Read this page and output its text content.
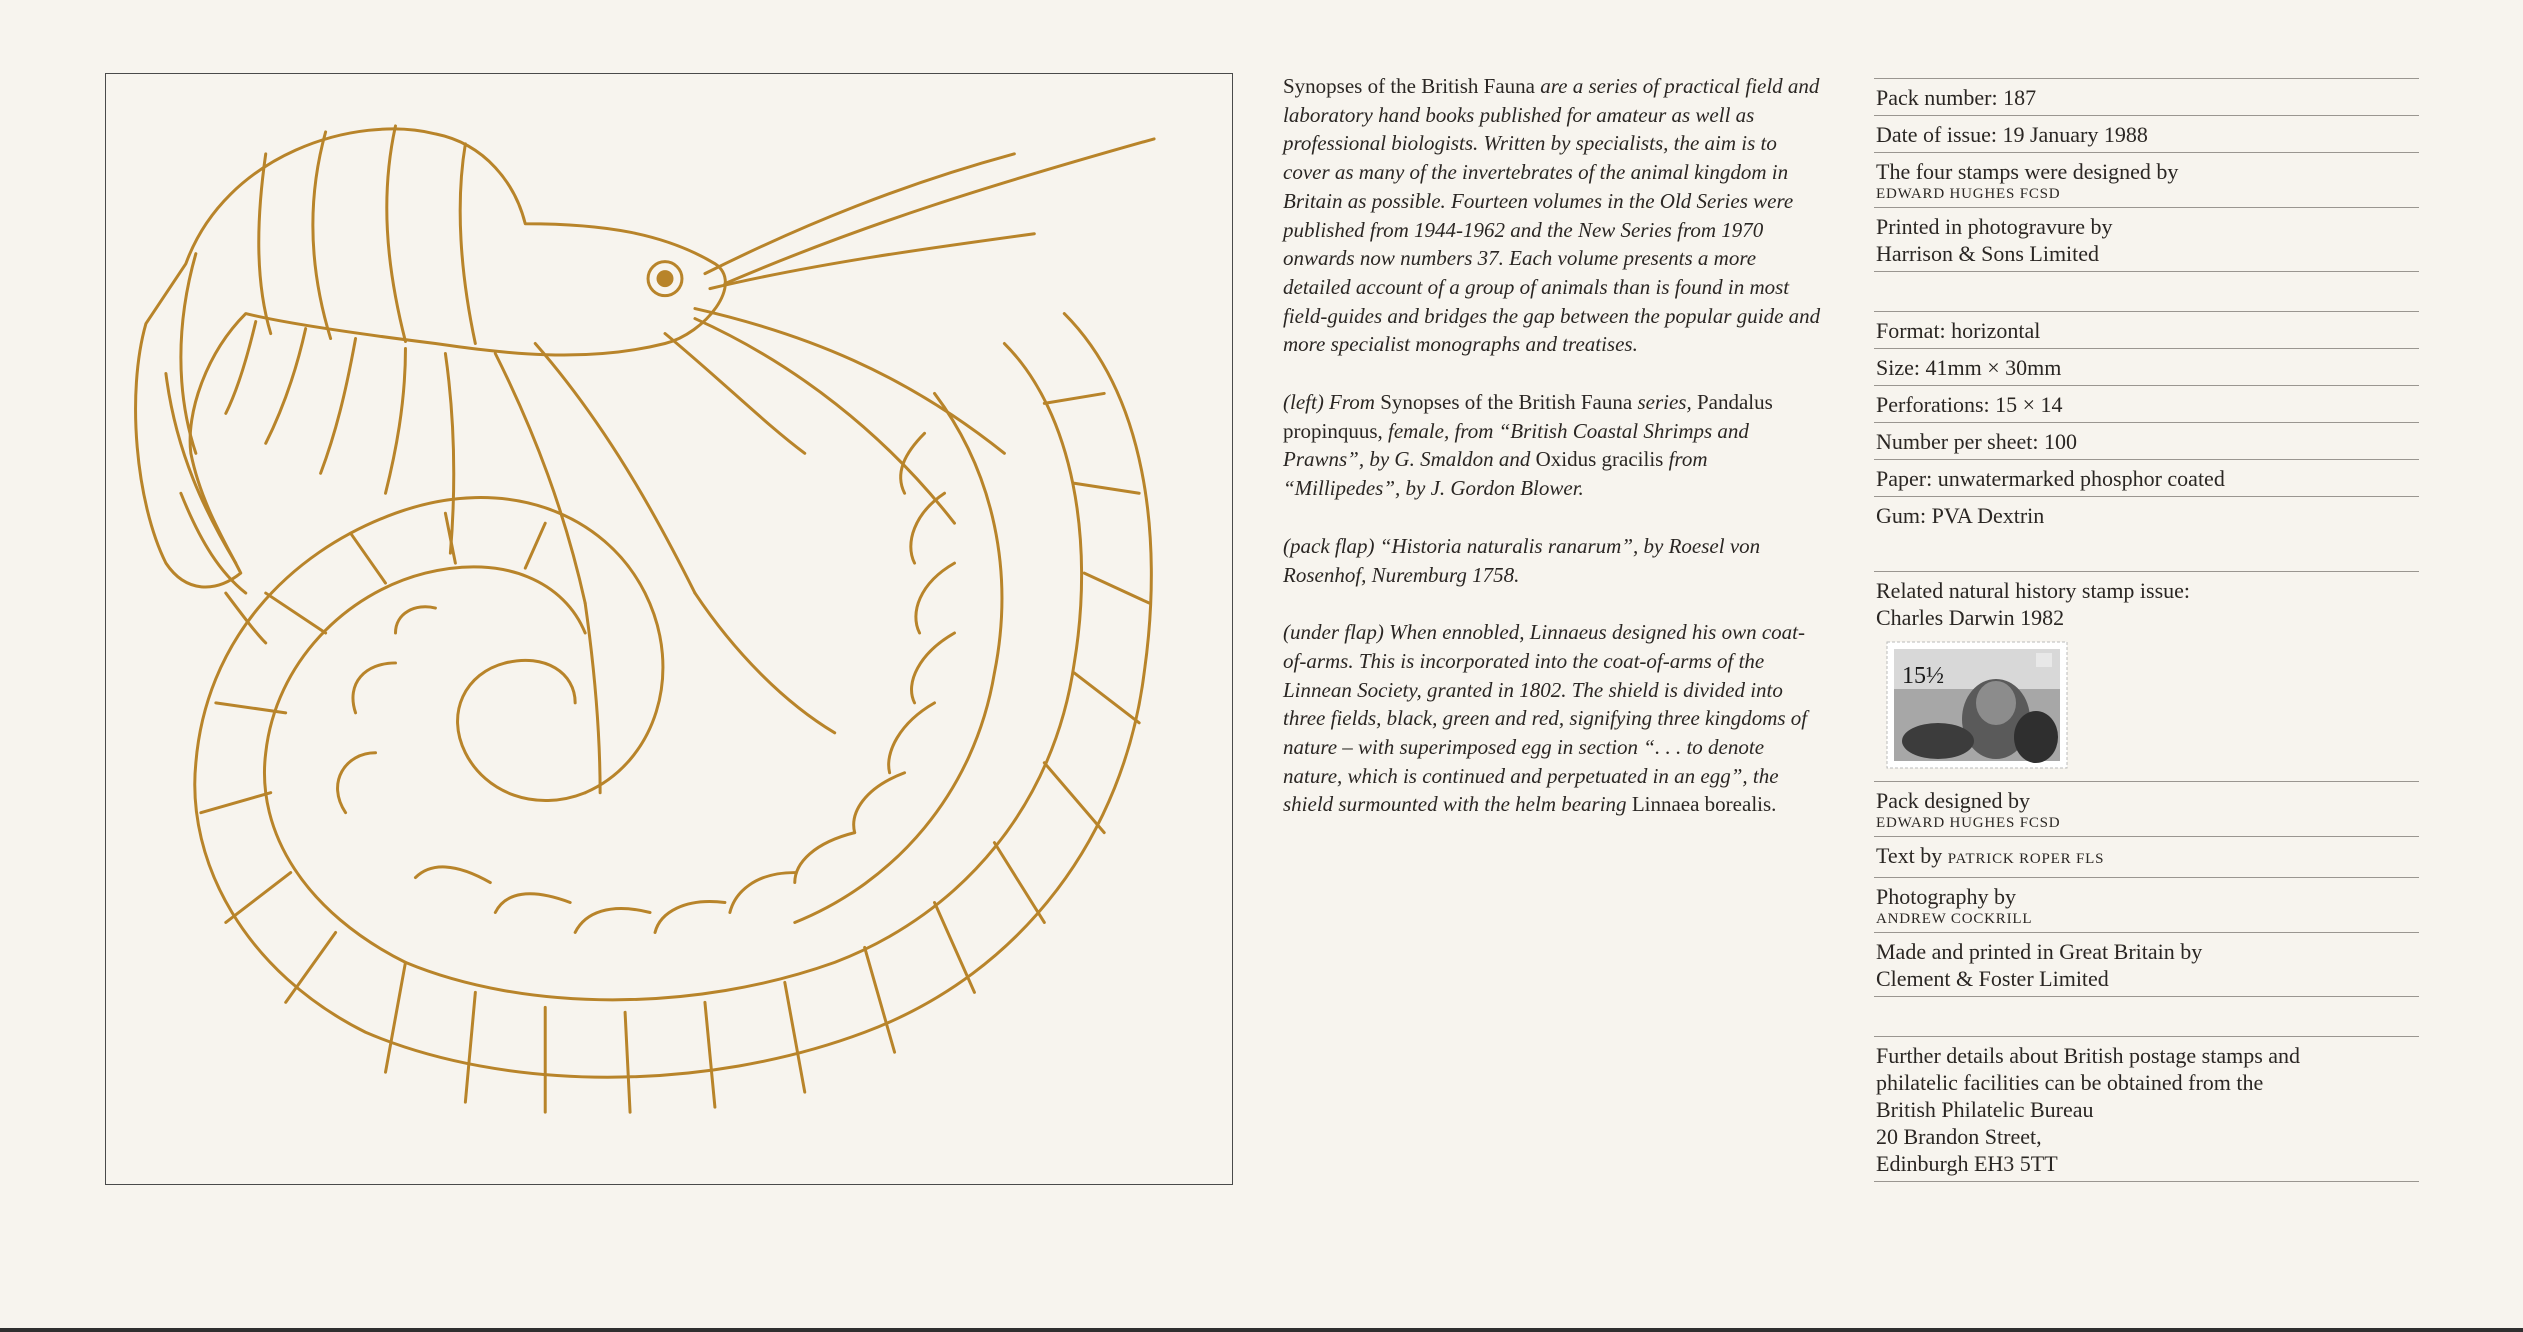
Synopses of the British Fauna are a series of practical field and laboratory hand books published for amateur as well as professional biologists. Written by specialists, the aim is to cover as many of the invertebrates of the animal kingdom in Britain as possible. Fourteen volumes in the Old Series were published from 1944-1962 and the New Series from 1970 onwards now numbers 37. Each volume presents a more detailed account of a group of animals than is found in most field-guides and bridges the gap between the popular guide and more specialist monographs and treatises.

(left) From Synopses of the British Fauna series, Pandalus propinquus, female, from “British Coastal Shrimps and Prawns”, by G. Smaldon and Oxidus gracilis from “Millipedes”, by J. Gordon Blower.

(pack flap) “Historia naturalis ranarum”, by Roesel von Rosenhof, Nuremburg 1758.

(under flap) When ennobled, Linnaeus designed his own coat-of-arms. This is incorporated into the coat-of-arms of the Linnean Society, granted in 1802. The shield is divided into three fields, black, green and red, signifying three kingdoms of nature – with superimposed egg in section “. . . to denote nature, which is continued and perpetuated in an egg”, the shield surmounted with the helm bearing Linnaea borealis.

Pack number: 187
Date of issue: 19 January 1988
The four stamps were designed by
EDWARD HUGHES FCSD
Printed in photogravure by
Harrison & Sons Limited
Format: horizontal
Size: 41mm × 30mm
Perforations: 15 × 14
Number per sheet: 100
Paper: unwatermarked phosphor coated
Gum: PVA Dextrin
Related natural history stamp issue:
Charles Darwin 1982
15½
Pack designed by
EDWARD HUGHES FCSD
Text by PATRICK ROPER FLS
Photography by
ANDREW COCKRILL
Made and printed in Great Britain by
Clement & Foster Limited
Further details about British postage stamps and
philatelic facilities can be obtained from the
British Philatelic Bureau
20 Brandon Street,
Edinburgh EH3 5TT
